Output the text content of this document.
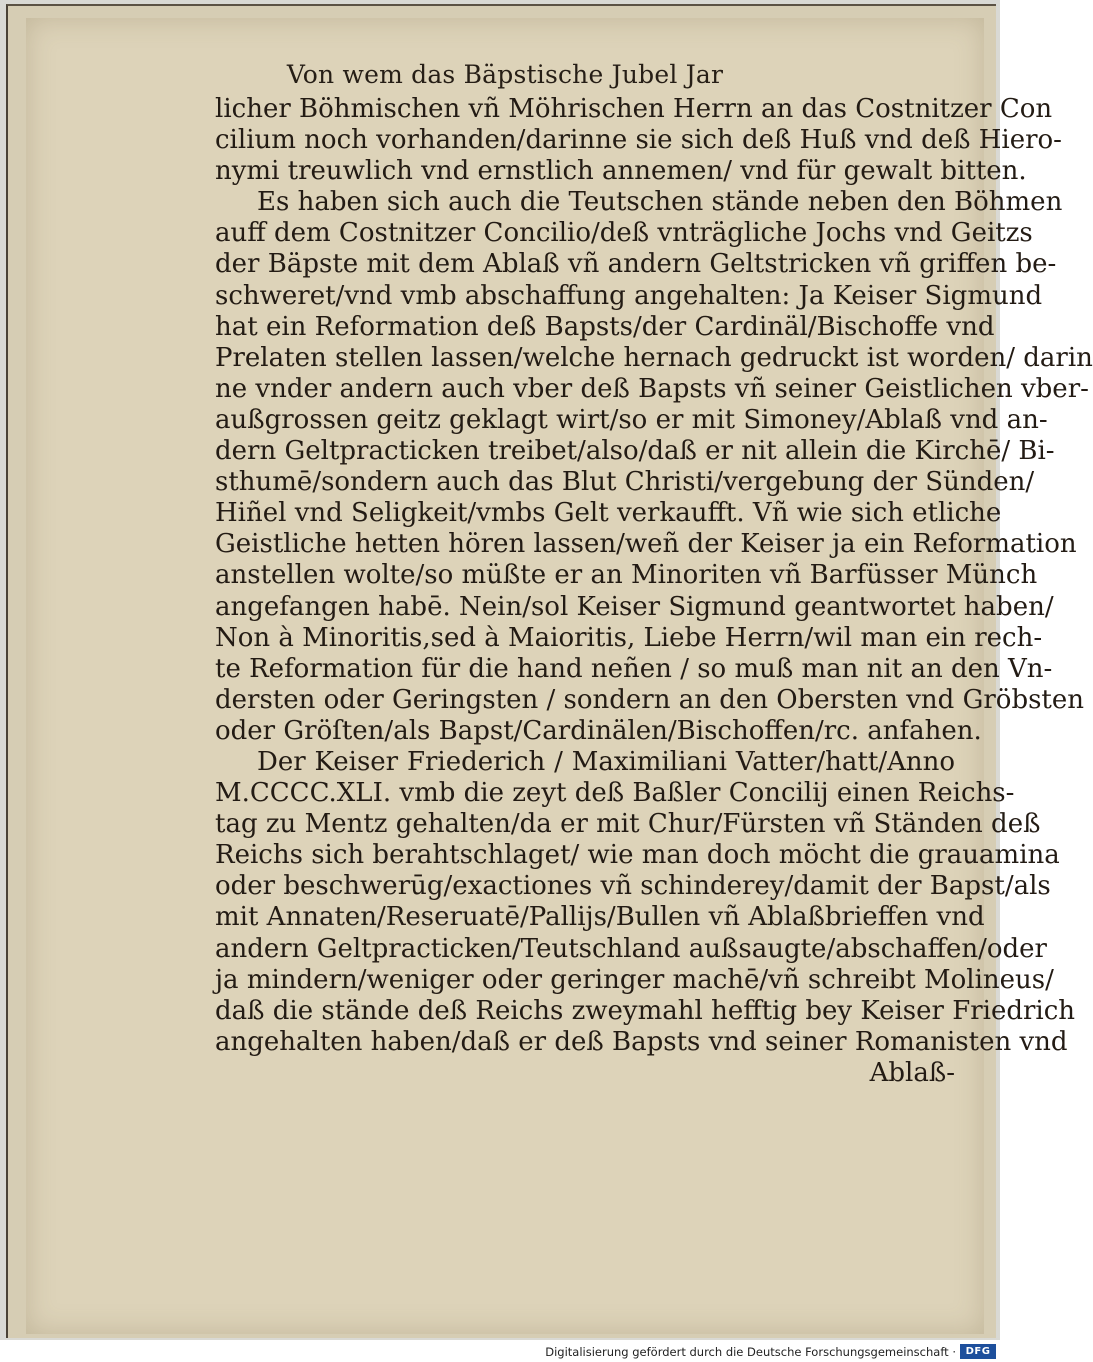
Von wem das Bäpstische Jubel Jar
licher Böhmischen vñ Möhrischen Herrn an das Costnitzer Con
cilium noch vorhanden/darinne sie sich deß Huß vnd deß Hiero‑
nymi treuwlich vnd ernstlich annemen/ vnd für gewalt bitten.
Es haben sich auch die Teutschen stände neben den Böhmen
auff dem Costnitzer Concilio/deß vnträgliche Jochs vnd Geitzs
der Bäpste mit dem Ablaß vñ andern Geltstricken vñ griffen be‑
schweret/vnd vmb abschaffung angehalten: Ja Keiser Sigmund
hat ein Reformation deß Bapsts/der Cardinäl/Bischoffe vnd
Prelaten stellen lassen/welche hernach gedruckt ist worden/ darin
ne vnder andern auch vber deß Bapsts vñ seiner Geistlichen vber‑
außgrossen geitz geklagt wirt/so er mit Simoney/Ablaß vnd an‑
dern Geltpracticken treibet/also/daß er nit allein die Kirchē/ Bi‑
sthumē/sondern auch das Blut Christi/vergebung der Sünden/
Hiñel vnd Seligkeit/vmbs Gelt verkaufft. Vñ wie sich etliche
Geistliche hetten hören lassen/weñ der Keiser ja ein Reformation
anstellen wolte/so müßte er an Minoriten vñ Barfüsser Münch
angefangen habē. Nein/sol Keiser Sigmund geantwortet haben/
Non à Minoritis,sed à Maioritis, Liebe Herrn/wil man ein rech‑
te Reformation für die hand neñen / so muß man nit an den Vn‑
dersten oder Geringsten / sondern an den Obersten vnd Gröbsten
oder Gröſten/als Bapst/Cardinälen/Bischoffen/rc. anfahen.
Der Keiser Friederich / Maximiliani Vatter/hatt/Anno
M.CCCC.XLI. vmb die zeyt deß Baßler Concilij einen Reichs‑
tag zu Mentz gehalten/da er mit Chur/Fürsten vñ Ständen deß
Reichs sich berahtschlaget/ wie man doch möcht die grauamina
oder beschwerūg/exactiones vñ schinderey/damit der Bapst/als
mit Annaten/Reseruatē/Pallijs/Bullen vñ Ablaßbrieffen vnd
andern Geltpracticken/Teutschland außsaugte/abschaffen/oder
ja mindern/weniger oder geringer machē/vñ schreibt Molineus/
daß die stände deß Reichs zweymahl hefftig bey Keiser Friedrich
angehalten haben/daß er deß Bapsts vnd seiner Romanisten vnd
Ablaß‑
Digitalisierung gefördert durch die Deutsche Forschungsgemeinschaft · DFG
